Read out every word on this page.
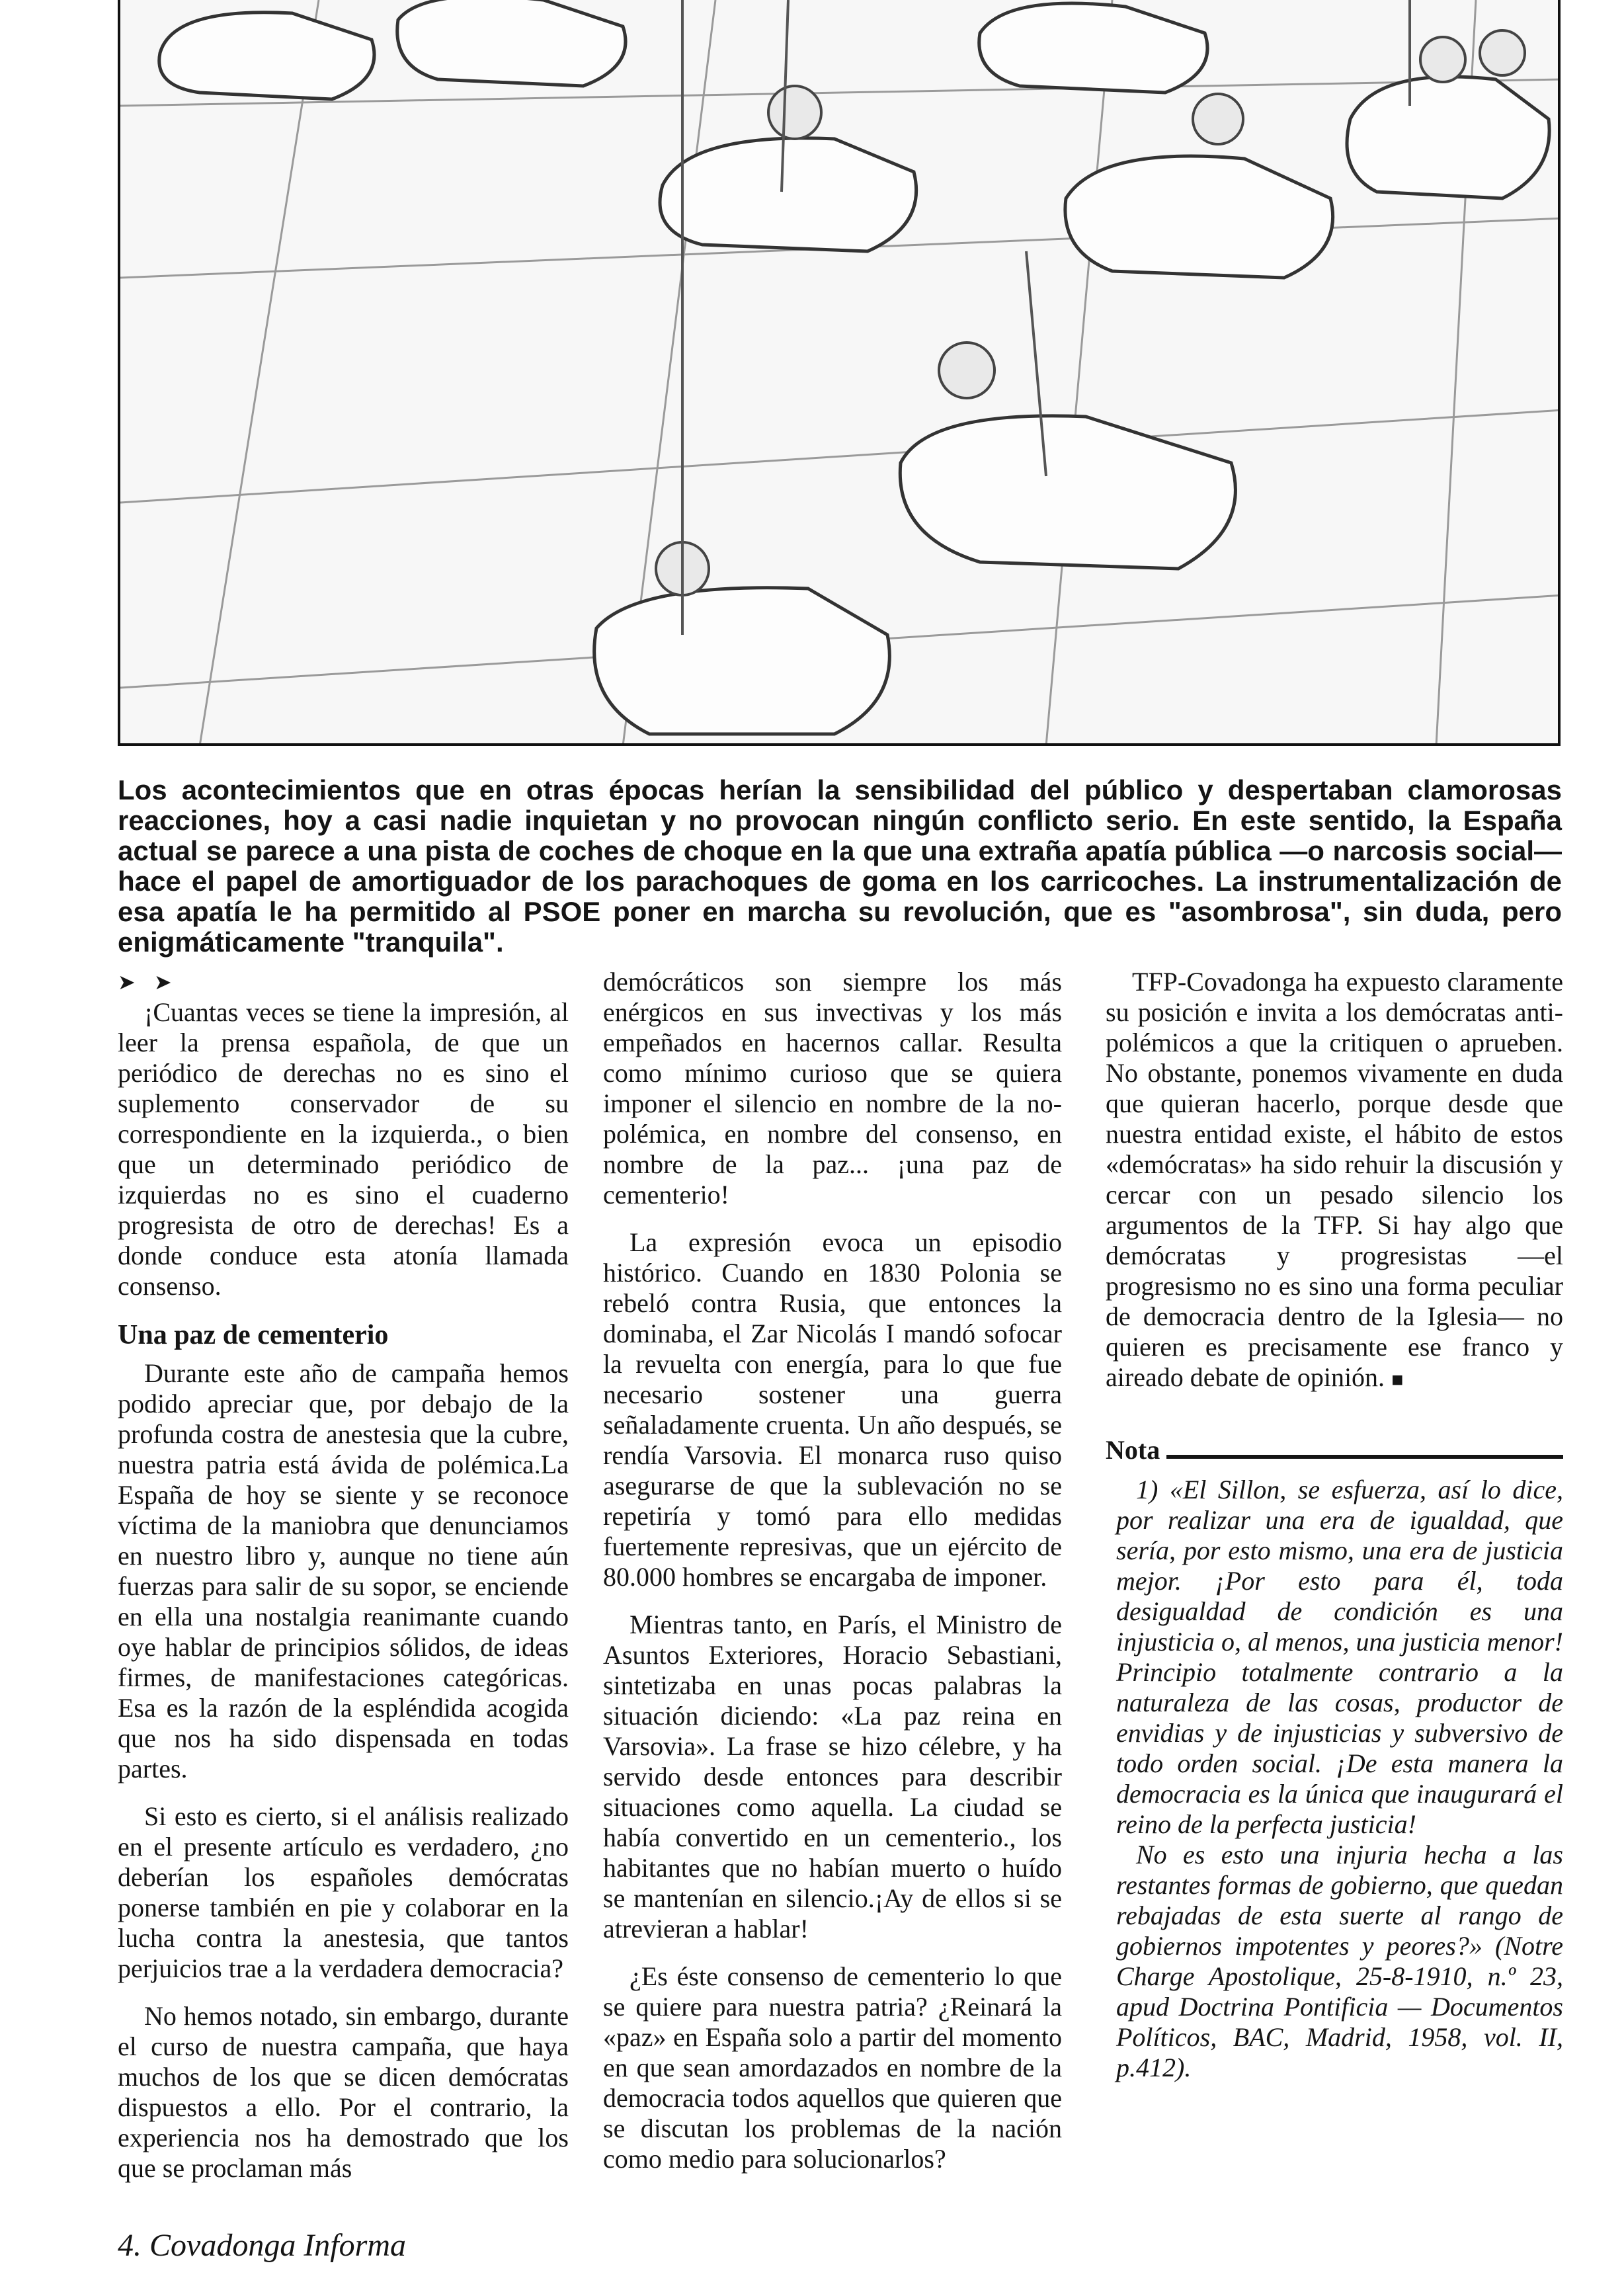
Los acontecimientos que en otras épocas herían la sensibilidad del público y despertaban clamorosas reacciones, hoy a casi nadie inquietan y no provocan ningún conflicto serio. En este sentido, la España actual se parece a una pista de coches de choque en la que una extraña apatía pública —o narcosis social— hace el papel de amortiguador de los parachoques de goma en los carricoches. La instrumentalización de esa apatía le ha permitido al PSOE poner en marcha su revolución, que es "asombrosa", sin duda, pero enigmáticamente "tranquila".

➤ ➤

¡Cuantas veces se tiene la impresión, al leer la prensa española, de que un periódico de derechas no es sino el suplemento conservador de su correspondiente en la izquierda., o bien que un determinado periódico de izquierdas no es sino el cuaderno progresista de otro de derechas! Es a donde conduce esta atonía llamada consenso.

Una paz de cementerio

Durante este año de campaña hemos podido apreciar que, por debajo de la profunda costra de anestesia que la cubre, nuestra patria está ávida de polémica.La España de hoy se siente y se reconoce víctima de la maniobra que denunciamos en nuestro libro y, aunque no tiene aún fuerzas para salir de su sopor, se enciende en ella una nostalgia reanimante cuando oye hablar de principios sólidos, de ideas firmes, de manifestaciones categóricas. Esa es la razón de la espléndida acogida que nos ha sido dispensada en todas partes.

Si esto es cierto, si el análisis realizado en el presente artículo es verdadero, ¿no deberían los españoles demócratas ponerse también en pie y colaborar en la lucha contra la anestesia, que tantos perjuicios trae a la verdadera democracia?

No hemos notado, sin embargo, durante el curso de nuestra campaña, que haya muchos de los que se dicen demócratas dispuestos a ello. Por el contrario, la experiencia nos ha demostrado que los que se proclaman más

demócráticos son siempre los más enérgicos en sus invectivas y los más empeñados en hacernos callar. Resulta como mínimo curioso que se quiera imponer el silencio en nombre de la no-polémica, en nombre del consenso, en nombre de la paz... ¡una paz de cementerio!

La expresión evoca un episodio histórico. Cuando en 1830 Polonia se rebeló contra Rusia, que entonces la dominaba, el Zar Nicolás I mandó sofocar la revuelta con energía, para lo que fue necesario sostener una guerra señaladamente cruenta. Un año después, se rendía Varsovia. El monarca ruso quiso asegurarse de que la sublevación no se repetiría y tomó para ello medidas fuertemente represivas, que un ejército de 80.000 hombres se encargaba de imponer.

Mientras tanto, en París, el Ministro de Asuntos Exteriores, Horacio Sebastiani, sintetizaba en unas pocas palabras la situación diciendo: «La paz reina en Varsovia». La frase se hizo célebre, y ha servido desde entonces para describir situaciones como aquella. La ciudad se había convertido en un cementerio., los habitantes que no habían muerto o huído se mantenían en silencio.¡Ay de ellos si se atrevieran a hablar!

¿Es éste consenso de cementerio lo que se quiere para nuestra patria? ¿Reinará la «paz» en España solo a partir del momento en que sean amordazados en nombre de la democracia todos aquellos que quieren que se discutan los problemas de la nación como medio para solucionarlos?

TFP-Covadonga ha expuesto claramente su posición e invita a los demócratas anti-polémicos a que la critiquen o aprueben. No obstante, ponemos vivamente en duda que quieran hacerlo, porque desde que nuestra entidad existe, el hábito de estos «demócratas» ha sido rehuir la discusión y cercar con un pesado silencio los argumentos de la TFP. Si hay algo que demócratas y progresistas —el progresismo no es sino una forma peculiar de democracia dentro de la Iglesia— no quieren es precisamente ese franco y aireado debate de opinión. ■

Nota

1) «El Sillon, se esfuerza, así lo dice, por realizar una era de igualdad, que sería, por esto mismo, una era de justicia mejor. ¡Por esto para él, toda desigualdad de condición es una injusticia o, al menos, una justicia menor! Principio totalmente contrario a la naturaleza de las cosas, productor de envidias y de injusticias y subversivo de todo orden social. ¡De esta manera la democracia es la única que inaugurará el reino de la perfecta justicia!

No es esto una injuria hecha a las restantes formas de gobierno, que quedan rebajadas de esta suerte al rango de gobiernos impotentes y peores?» (Notre Charge Apostolique, 25-8-1910, n.º 23, apud Doctrina Pontificia — Documentos Políticos, BAC, Madrid, 1958, vol. II, p.412).

4. Covadonga Informa
